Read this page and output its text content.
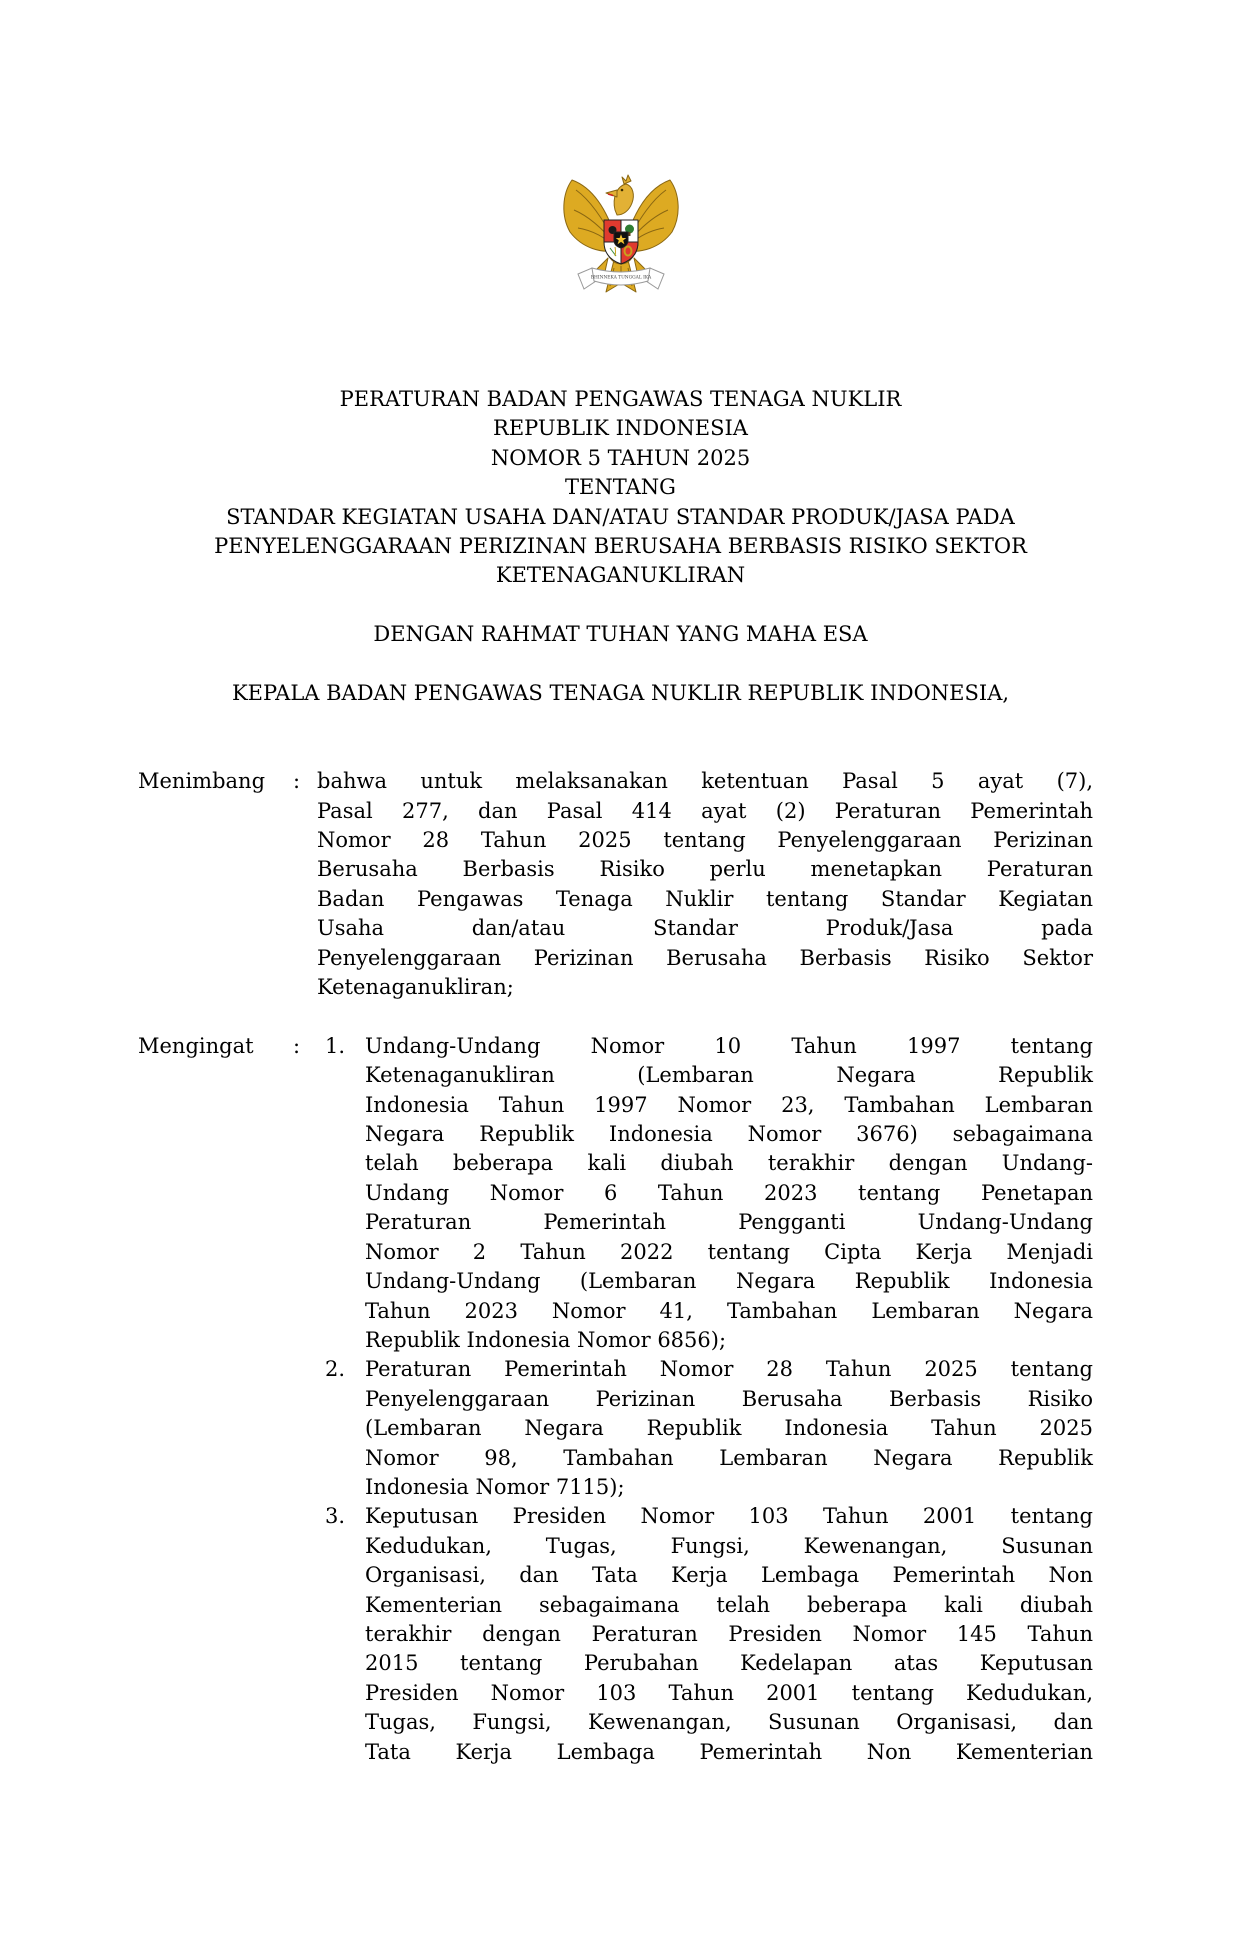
BHINNEKA TUNGGAL IKA
PERATURAN BADAN PENGAWAS TENAGA NUKLIR
REPUBLIK INDONESIA
NOMOR 5 TAHUN 2025
TENTANG
STANDAR KEGIATAN USAHA DAN/ATAU STANDAR PRODUK/JASA PADA
PENYELENGGARAAN PERIZINAN BERUSAHA BERBASIS RISIKO SEKTOR
KETENAGANUKLIRAN
DENGAN RAHMAT TUHAN YANG MAHA ESA
KEPALA BADAN PENGAWAS TENAGA NUKLIR REPUBLIK INDONESIA,
Menimbang	: bahwa untuk melaksanakan ketentuan Pasal 5 ayat (7),
Pasal 277, dan Pasal 414 ayat (2) Peraturan Pemerintah
Nomor 28 Tahun 2025 tentang Penyelenggaraan Perizinan
Berusaha Berbasis Risiko perlu menetapkan Peraturan
Badan Pengawas Tenaga Nuklir tentang Standar Kegiatan
Usaha dan/atau Standar Produk/Jasa pada
Penyelenggaraan Perizinan Berusaha Berbasis Risiko Sektor
Ketenaganukliran;
Mengingat	:	1. Undang-Undang Nomor 10 Tahun 1997 tentang
Ketenaganukliran (Lembaran Negara Republik
Indonesia Tahun 1997 Nomor 23, Tambahan Lembaran
Negara Republik Indonesia Nomor 3676) sebagaimana
telah beberapa kali diubah terakhir dengan Undang-
Undang Nomor 6 Tahun 2023 tentang Penetapan
Peraturan Pemerintah Pengganti Undang-Undang
Nomor 2 Tahun 2022 tentang Cipta Kerja Menjadi
Undang-Undang (Lembaran Negara Republik Indonesia
Tahun 2023 Nomor 41, Tambahan Lembaran Negara
Republik Indonesia Nomor 6856);
2. Peraturan Pemerintah Nomor 28 Tahun 2025 tentang
Penyelenggaraan Perizinan Berusaha Berbasis Risiko
(Lembaran Negara Republik Indonesia Tahun 2025
Nomor 98, Tambahan Lembaran Negara Republik
Indonesia Nomor 7115);
3. Keputusan Presiden Nomor 103 Tahun 2001 tentang
Kedudukan, Tugas, Fungsi, Kewenangan, Susunan
Organisasi, dan Tata Kerja Lembaga Pemerintah Non
Kementerian sebagaimana telah beberapa kali diubah
terakhir dengan Peraturan Presiden Nomor 145 Tahun
2015 tentang Perubahan Kedelapan atas Keputusan
Presiden Nomor 103 Tahun 2001 tentang Kedudukan,
Tugas, Fungsi, Kewenangan, Susunan Organisasi, dan
Tata Kerja Lembaga Pemerintah Non Kementerian
